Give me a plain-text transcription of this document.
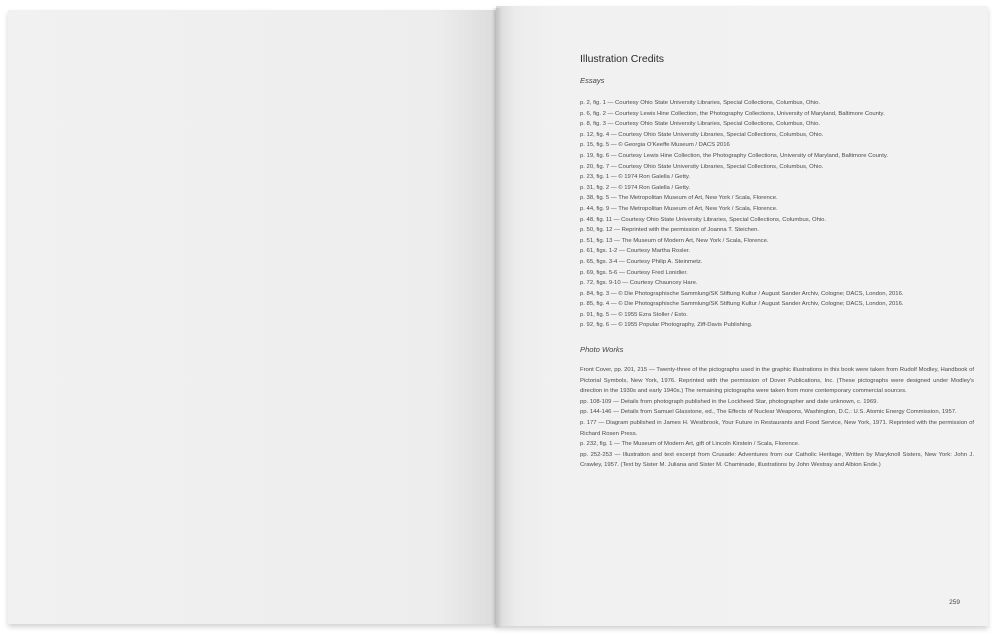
Illustration Credits
Essays
p. 2, fig. 1 — Courtesy Ohio State University Libraries, Special Collections, Columbus, Ohio.
p. 6, fig. 2 — Courtesy Lewis Hine Collection, the Photography Collections, University of Maryland, Baltimore County.
p. 8, fig. 3 — Courtesy Ohio State University Libraries, Special Collections, Columbus, Ohio.
p. 12, fig. 4 — Courtesy Ohio State University Libraries, Special Collections, Columbus, Ohio.
p. 15, fig. 5 — © Georgia O'Keeffe Museum / DACS 2016
p. 19, fig. 6 — Courtesy Lewis Hine Collection, the Photography Collections, University of Maryland, Baltimore County.
p. 20, fig. 7 — Courtesy Ohio State University Libraries, Special Collections, Columbus, Ohio.
p. 23, fig. 1 — © 1974 Ron Galella / Getty.
p. 31, fig. 2 — © 1974 Ron Galella / Getty.
p. 38, fig. 5 — The Metropolitan Museum of Art, New York / Scala, Florence.
p. 44, fig. 9 — The Metropolitan Museum of Art, New York / Scala, Florence.
p. 48, fig. 11 — Courtesy Ohio State University Libraries, Special Collections, Columbus, Ohio.
p. 50, fig. 12 — Reprinted with the permission of Joanna T. Steichen.
p. 51, fig. 13 — The Museum of Modern Art, New York / Scala, Florence.
p. 61, figs. 1-2 — Courtesy Martha Rosler.
p. 65, figs. 3-4 — Courtesy Philip A. Steinmetz.
p. 69, figs. 5-6 — Courtesy Fred Lonidier.
p. 72, figs. 9-10 — Courtesy Chauncey Hare.
p. 84, fig. 3 — © Die Photographische Sammlung/SK Stiftung Kultur / August Sander Archiv, Cologne; DACS, London, 2016.
p. 85, fig. 4 — © Die Photographische Sammlung/SK Stiftung Kultur / August Sander Archiv, Cologne; DACS, London, 2016.
p. 91, fig. 5 — © 1955 Ezra Stoller / Esto.
p. 92, fig. 6 — © 1955 Popular Photography, Ziff-Davis Publishing.
Photo Works
Front Cover, pp. 201, 215 — Twenty-three of the pictographs used in the graphic illustrations in this book were taken from Rudolf Modley, Handbook of Pictorial Symbols, New York, 1976. Reprinted with the permission of Dover Publications, Inc. (These pictographs were designed under Modley's direction in the 1930s and early 1940s.) The remaining pictographs were taken from more contemporary commercial sources.
pp. 108-109 — Details from photograph published in the Lockheed Star, photographer and date unknown, c. 1969.
pp. 144-146 — Details from Samuel Glasstone, ed., The Effects of Nuclear Weapons, Washington, D.C.: U.S. Atomic Energy Commission, 1957.
p. 177 — Diagram published in James H. Westbrook, Your Future in Restaurants and Food Service, New York, 1971. Reprinted with the permission of Richard Rosen Press.
p. 232, fig. 1 — The Museum of Modern Art, gift of Lincoln Kirstein / Scala, Florence.
pp. 252-253 — Illustration and text excerpt from Crusade: Adventures from our Catholic Heritage, Written by Maryknoll Sisters, New York: John J. Crawley, 1957. (Text by Sister M. Juliana and Sister M. Chaminade, illustrations by John Westray and Albion Ende.)
259
